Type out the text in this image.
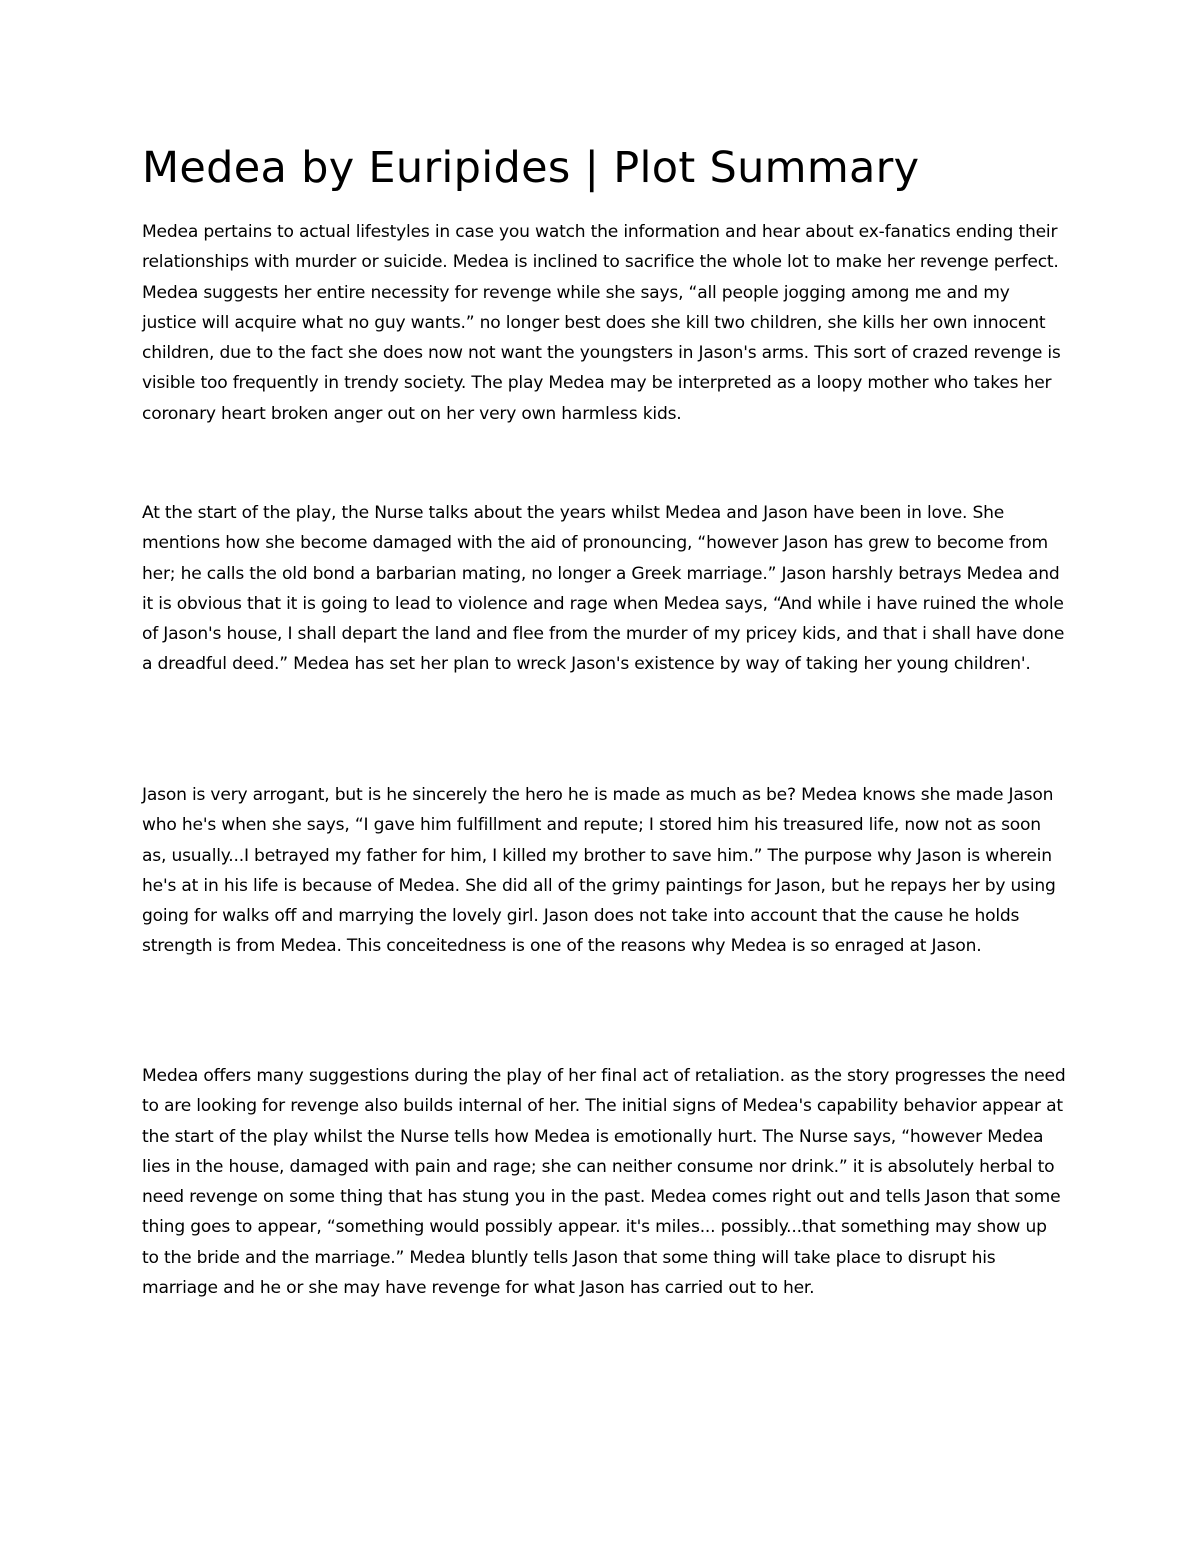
Medea by Euripides | Plot Summary

Medea pertains to actual lifestyles in case you watch the information and hear about ex-fanatics ending their relationships with murder or suicide. Medea is inclined to sacrifice the whole lot to make her revenge perfect. Medea suggests her entire necessity for revenge while she says, “all people jogging among me and my justice will acquire what no guy wants.” no longer best does she kill two children, she kills her own innocent children, due to the fact she does now not want the youngsters in Jason's arms. This sort of crazed revenge is visible too frequently in trendy society. The play Medea may be interpreted as a loopy mother who takes her coronary heart broken anger out on her very own harmless kids.

At the start of the play, the Nurse talks about the years whilst Medea and Jason have been in love. She mentions how she become damaged with the aid of pronouncing, “however Jason has grew to become from her; he calls the old bond a barbarian mating, no longer a Greek marriage.” Jason harshly betrays Medea and it is obvious that it is going to lead to violence and rage when Medea says, “And while i have ruined the whole of Jason's house, I shall depart the land and flee from the murder of my pricey kids, and that i shall have done a dreadful deed.” Medea has set her plan to wreck Jason's existence by way of taking her young children'.

Jason is very arrogant, but is he sincerely the hero he is made as much as be? Medea knows she made Jason who he's when she says, “I gave him fulfillment and repute; I stored him his treasured life, now not as soon as, usually...I betrayed my father for him, I killed my brother to save him.” The purpose why Jason is wherein he's at in his life is because of Medea. She did all of the grimy paintings for Jason, but he repays her by using going for walks off and marrying the lovely girl. Jason does not take into account that the cause he holds strength is from Medea. This conceitedness is one of the reasons why Medea is so enraged at Jason.

Medea offers many suggestions during the play of her final act of retaliation. as the story progresses the need to are looking for revenge also builds internal of her. The initial signs of Medea's capability behavior appear at the start of the play whilst the Nurse tells how Medea is emotionally hurt. The Nurse says, “however Medea lies in the house, damaged with pain and rage; she can neither consume nor drink.” it is absolutely herbal to need revenge on some thing that has stung you in the past. Medea comes right out and tells Jason that some thing goes to appear, “something would possibly appear. it's miles... possibly...that something may show up to the bride and the marriage.” Medea bluntly tells Jason that some thing will take place to disrupt his marriage and he or she may have revenge for what Jason has carried out to her.
